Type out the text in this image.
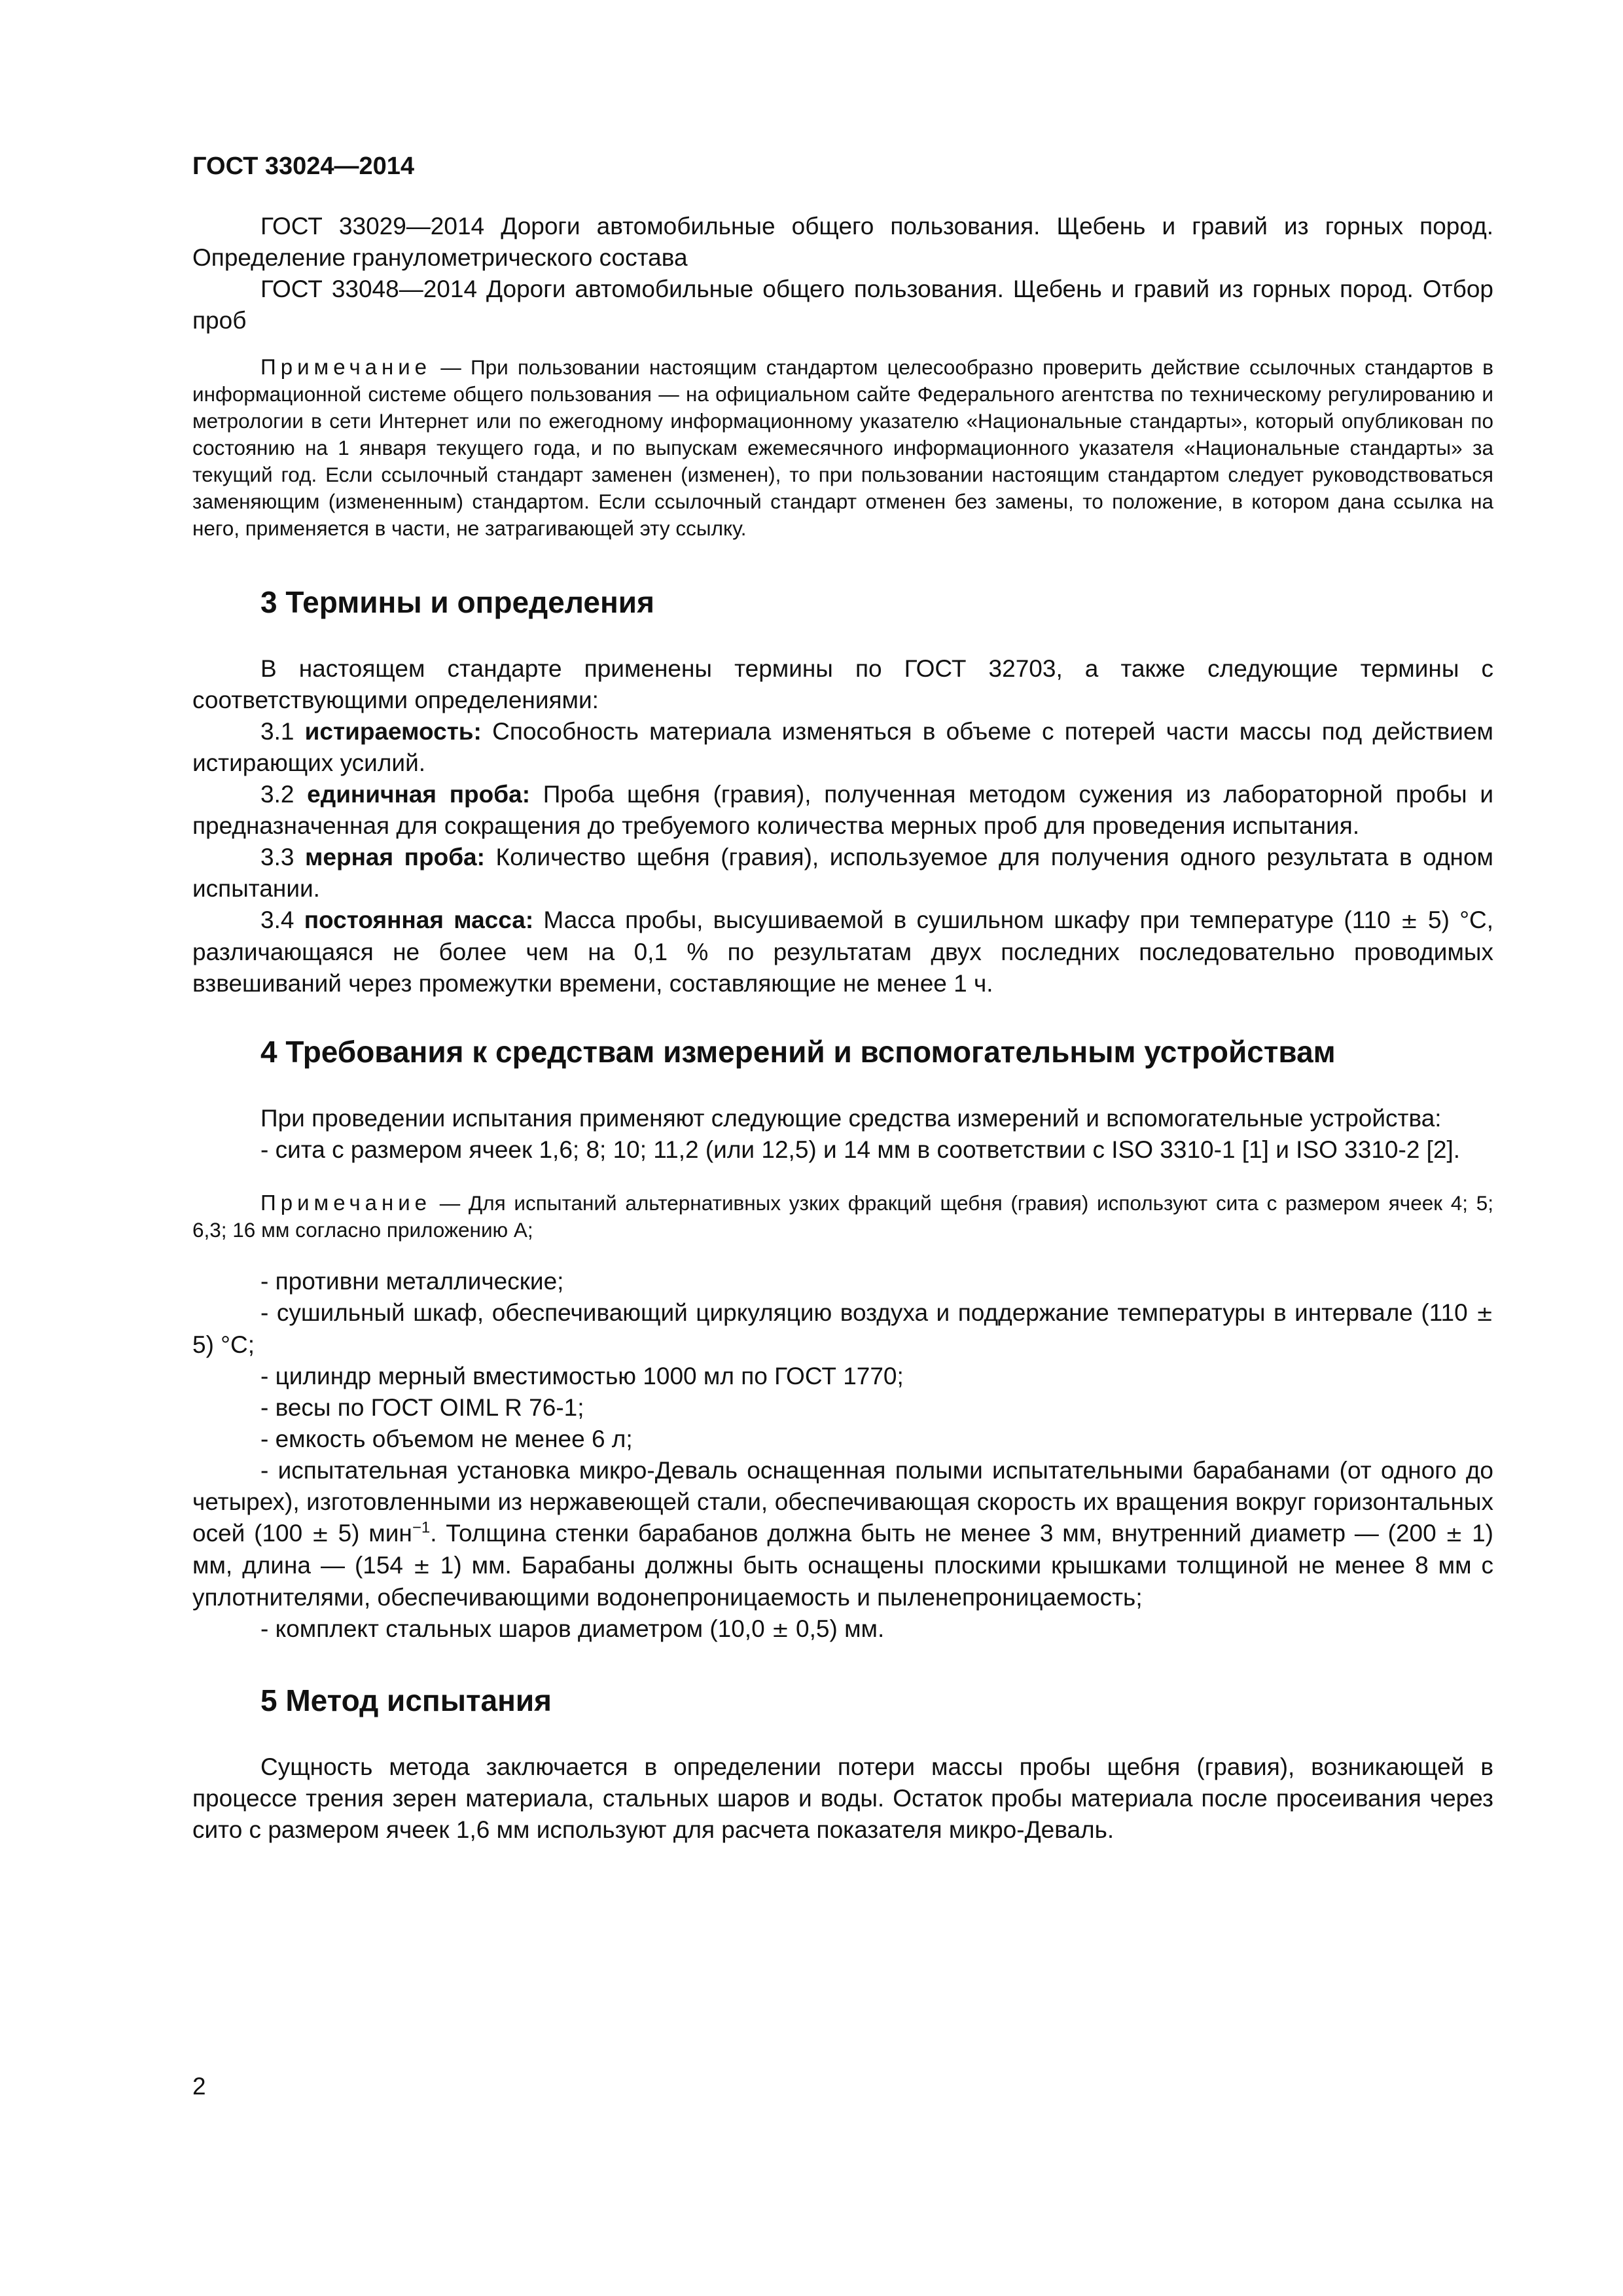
ГОСТ 33024—2014

ГОСТ 33029—2014 Дороги автомобильные общего пользования. Щебень и гравий из горных пород. Определение гранулометрического состава

ГОСТ 33048—2014 Дороги автомобильные общего пользования. Щебень и гравий из горных пород. Отбор проб

Примечание — При пользовании настоящим стандартом целесообразно проверить действие ссылочных стандартов в информационной системе общего пользования — на официальном сайте Федерального агентства по техническому регулированию и метрологии в сети Интернет или по ежегодному информационному указателю «Национальные стандарты», который опубликован по состоянию на 1 января текущего года, и по выпускам ежемесячного информационного указателя «Национальные стандарты» за текущий год. Если ссылочный стандарт заменен (изменен), то при пользовании настоящим стандартом следует руководствоваться заменяющим (измененным) стандартом. Если ссылочный стандарт отменен без замены, то положение, в котором дана ссылка на него, применяется в части, не затрагивающей эту ссылку.
3 Термины и определения

В настоящем стандарте применены термины по ГОСТ 32703, а также следующие термины с соответствующими определениями:

3.1 истираемость: Способность материала изменяться в объеме с потерей части массы под действием истирающих усилий.

3.2 единичная проба: Проба щебня (гравия), полученная методом сужения из лабораторной пробы и предназначенная для сокращения до требуемого количества мерных проб для проведения испытания.

3.3 мерная проба: Количество щебня (гравия), используемое для получения одного результата в одном испытании.

3.4 постоянная масса: Масса пробы, высушиваемой в сушильном шкафу при температуре (110 ± 5) °С, различающаяся не более чем на 0,1 % по результатам двух последних последовательно проводимых взвешиваний через промежутки времени, составляющие не менее 1 ч.

4 Требования к средствам измерений и вспомогательным устройствам

При проведении испытания применяют следующие средства измерений и вспомогательные устройства:

- сита с размером ячеек 1,6; 8; 10; 11,2 (или 12,5) и 14 мм в соответствии с ISO 3310-1 [1] и ISO 3310-2 [2].

Примечание — Для испытаний альтернативных узких фракций щебня (гравия) используют сита с размером ячеек 4; 5; 6,3; 16 мм согласно приложению А;

- противни металлические;

- сушильный шкаф, обеспечивающий циркуляцию воздуха и поддержание температуры в интервале (110 ± 5) °С;

- цилиндр мерный вместимостью 1000 мл по ГОСТ 1770;

- весы по ГОСТ OIML R 76-1;

- емкость объемом не менее 6 л;

- испытательная установка микро-Деваль оснащенная полыми испытательными барабанами (от одного до четырех), изготовленными из нержавеющей стали, обеспечивающая скорость их вращения вокруг горизонтальных осей (100 ± 5) мин$^{-1}$. Толщина стенки барабанов должна быть не менее 3 мм, внутренний диаметр — (200 ± 1) мм, длина — (154 ± 1) мм. Барабаны должны быть оснащены плоскими крышками толщиной не менее 8 мм с уплотнителями, обеспечивающими водонепроницаемость и пыленепроницаемость;

- комплект стальных шаров диаметром (10,0 ± 0,5) мм.

5 Метод испытания

Сущность метода заключается в определении потери массы пробы щебня (гравия), возникающей в процессе трения зерен материала, стальных шаров и воды. Остаток пробы материала после просеивания через сито с размером ячеек 1,6 мм используют для расчета показателя микро-Деваль.

2
